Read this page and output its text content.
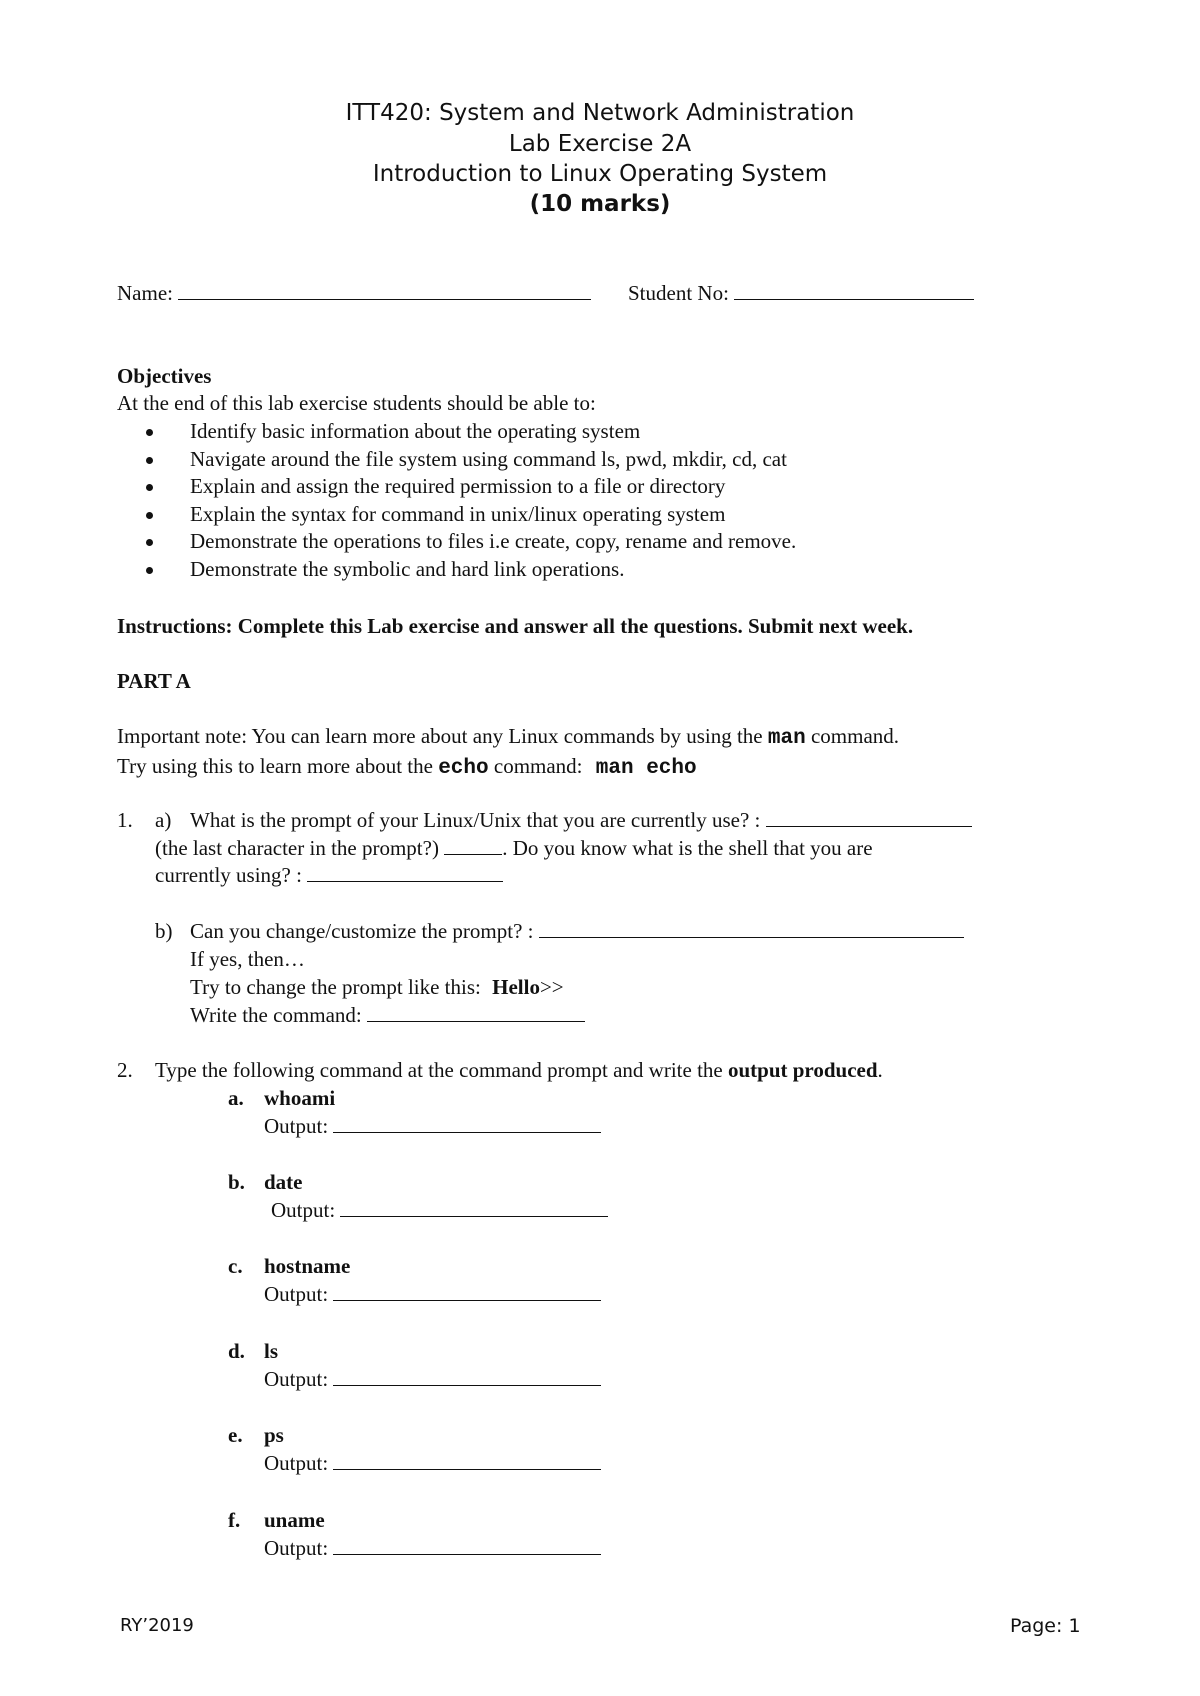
ITT420: System and Network Administration
Lab Exercise 2A
Introduction to Linux Operating System
(10 marks)
Name:	Student No:
Objectives
At the end of this lab exercise students should be able to:
Identify basic information about the operating system
Navigate around the file system using command ls, pwd, mkdir, cd, cat
Explain and assign the required permission to a file or directory
Explain the syntax for command in unix/linux operating system
Demonstrate the operations to files i.e create, copy, rename and remove.
Demonstrate the symbolic and hard link operations.
Instructions: Complete this Lab exercise and answer all the questions. Submit next week.
PART A
Important note: You can learn more about any Linux commands by using the man command.
Try using this to learn more about the echo command: man echo
1. a) What is the prompt of your Linux/Unix that you are currently use? :
(the last character in the prompt?)	. Do you know what is the shell that you are
currently using? :
b) Can you change/customize the prompt? :
If yes, then…
Try to change the prompt like this: Hello>>
Write the command:
2. Type the following command at the command prompt and write the output produced.
a. whoami
Output:
b. date
Output:
c. hostname
Output:
d. ls
Output:
e. ps
Output:
f. uname
Output:
RY’2019	Page: 1
